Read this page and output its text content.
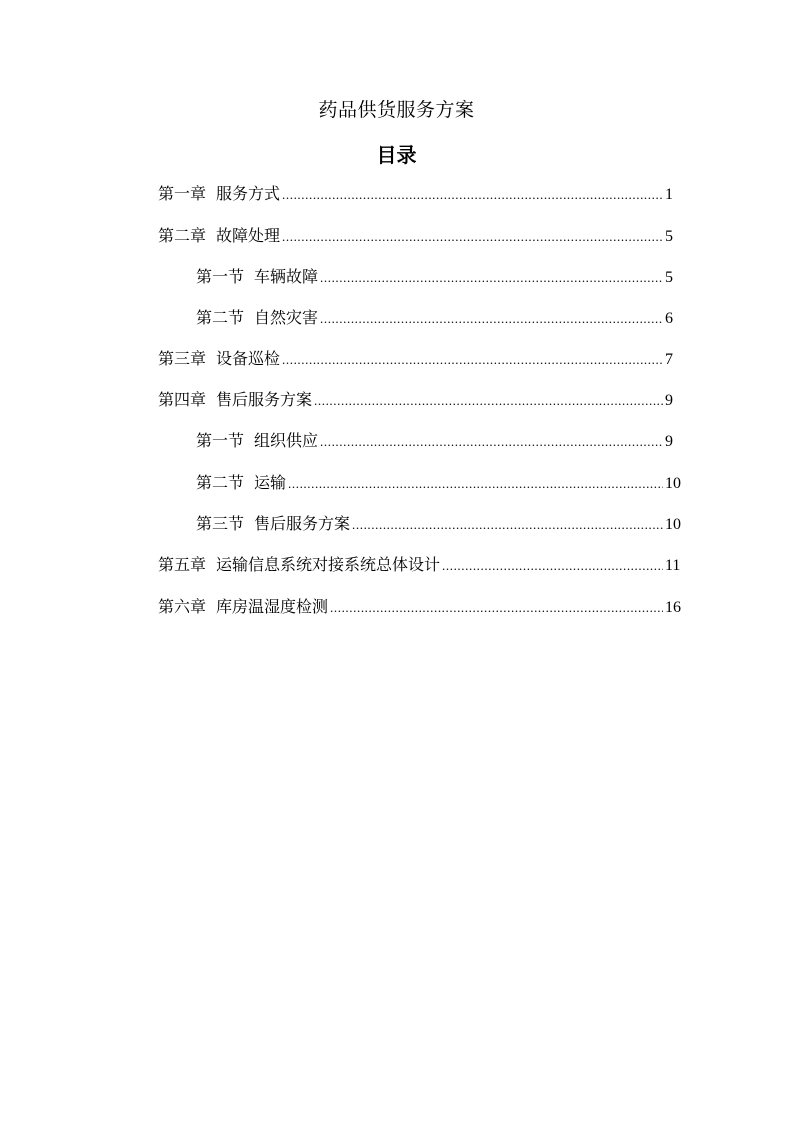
药品供货服务方案
目录
第一章 服务方式 .....	1
第二章 故障处理 .....	5
第一节 车辆故障 .....	5
第二节 自然灾害 .....	6
第三章 设备巡检 .....	7
第四章 售后服务方案 .....	9
第一节 组织供应 .....	9
第二节 运输 .....	10
第三节 售后服务方案 .....	10
第五章 运输信息系统对接系统总体设计 .....	11
第六章 库房温湿度检测 .....	16
